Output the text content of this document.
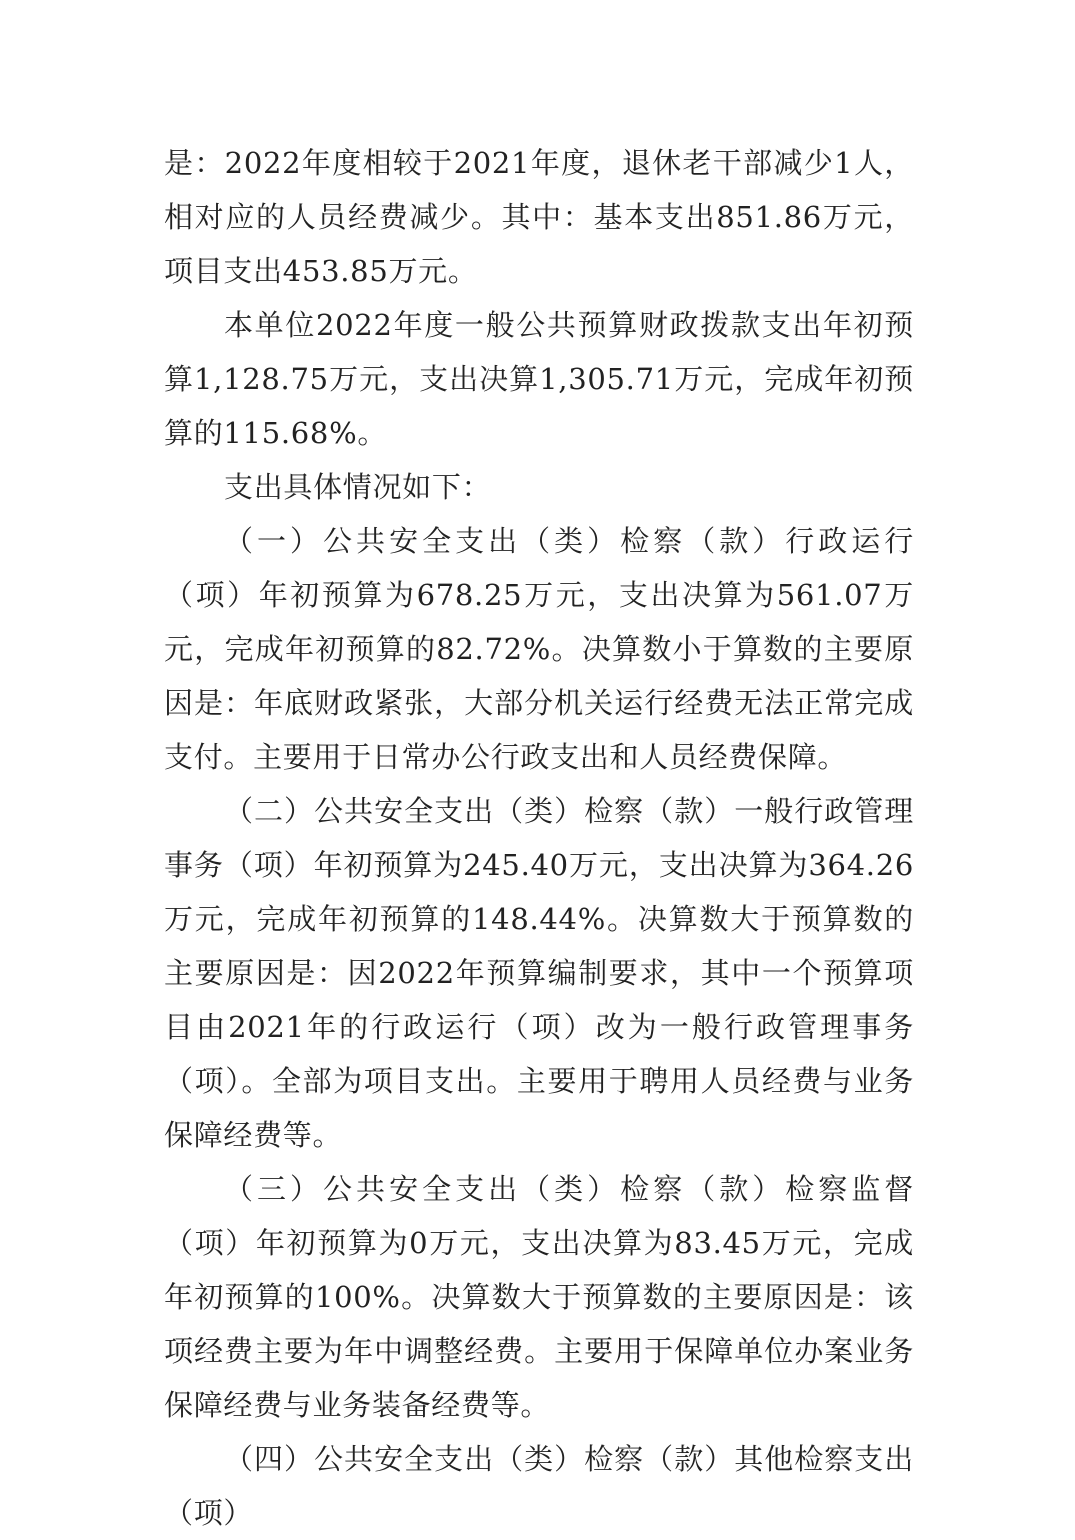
是：2022年度相较于2021年度，退休老干部减少1人，相对应的人员经费减少。其中：基本支出851.86万元，项目支出453.85万元。

本单位2022年度一般公共预算财政拨款支出年初预算1,128.75万元，支出决算1,305.71万元，完成年初预算的115.68%。

支出具体情况如下：

（一）公共安全支出（类）检察（款）行政运行（项）年初预算为678.25万元，支出决算为561.07万元，完成年初预算的82.72%。决算数小于算数的主要原因是：年底财政紧张，大部分机关运行经费无法正常完成支付。主要用于日常办公行政支出和人员经费保障。

（二）公共安全支出（类）检察（款）一般行政管理事务（项）年初预算为245.40万元，支出决算为364.26万元，完成年初预算的148.44%。决算数大于预算数的主要原因是：因2022年预算编制要求，其中一个预算项目由2021年的行政运行（项）改为一般行政管理事务（项）。全部为项目支出。主要用于聘用人员经费与业务保障经费等。

（三）公共安全支出（类）检察（款）检察监督（项）年初预算为0万元，支出决算为83.45万元，完成年初预算的100%。决算数大于预算数的主要原因是：该项经费主要为年中调整经费。主要用于保障单位办案业务保障经费与业务装备经费等。

（四）公共安全支出（类）检察（款）其他检察支出（项）
